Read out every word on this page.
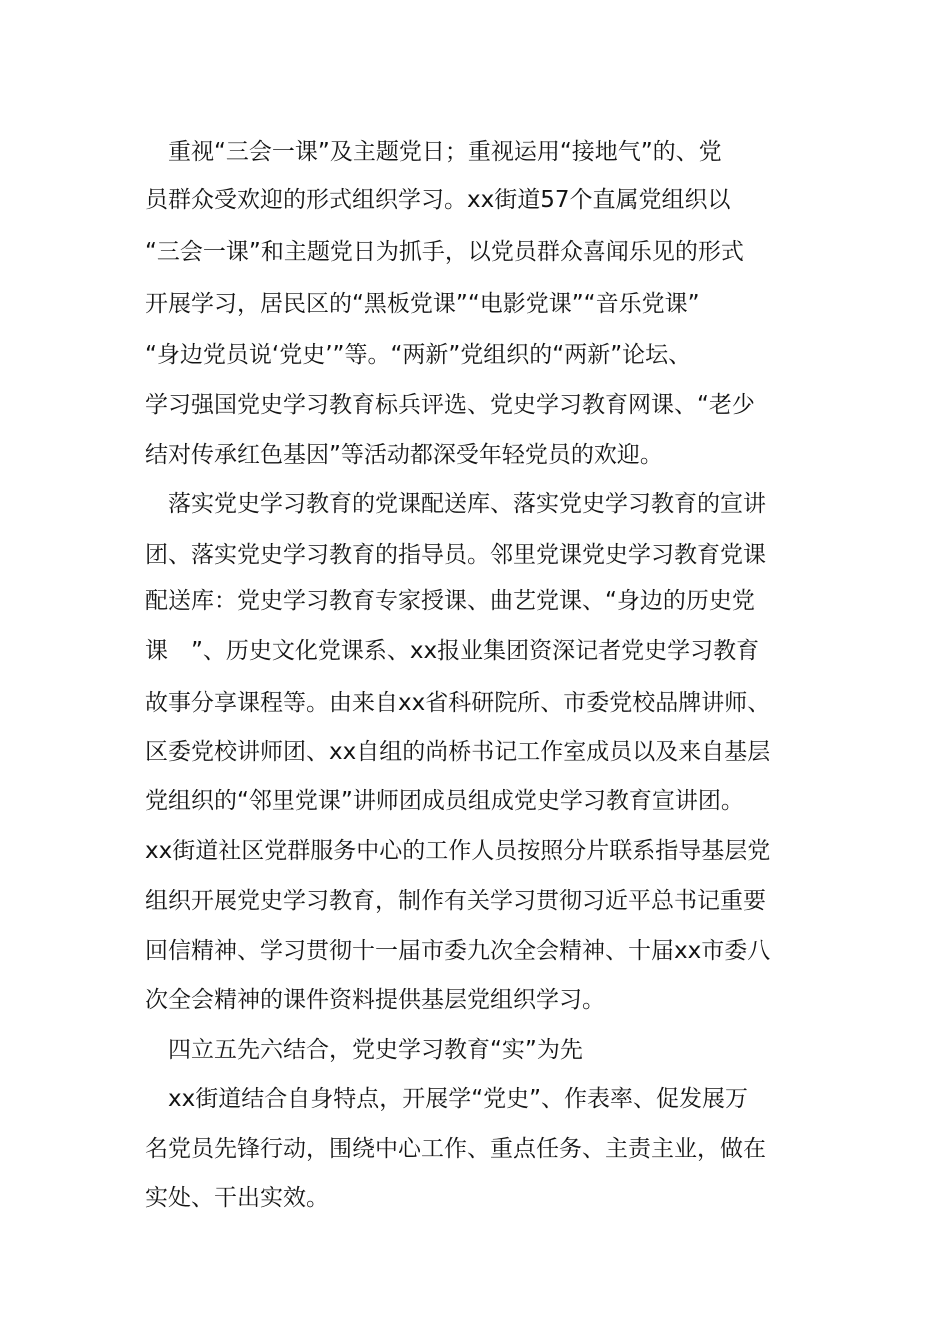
　重视“三会一课”及主题党日；重视运用“接地气”的、党
员群众受欢迎的形式组织学习。xx街道57个直属党组织以
“三会一课”和主题党日为抓手，以党员群众喜闻乐见的形式
开展学习，居民区的“黑板党课”“电影党课”“音乐党课”
“身边党员说‘党史’”等。“两新”党组织的“两新”论坛、
学习强国党史学习教育标兵评选、党史学习教育网课、“老少
结对传承红色基因”等活动都深受年轻党员的欢迎。
　落实党史学习教育的党课配送库、落实党史学习教育的宣讲
团、落实党史学习教育的指导员。邻里党课党史学习教育党课
配送库：党史学习教育专家授课、曲艺党课、“身边的历史党
课　”、历史文化党课系、xx报业集团资深记者党史学习教育
故事分享课程等。由来自xx省科研院所、市委党校品牌讲师、
区委党校讲师团、xx自组的尚桥书记工作室成员以及来自基层
党组织的“邻里党课”讲师团成员组成党史学习教育宣讲团。
xx街道社区党群服务中心的工作人员按照分片联系指导基层党
组织开展党史学习教育，制作有关学习贯彻习近平总书记重要
回信精神、学习贯彻十一届市委九次全会精神、十届xx市委八
次全会精神的课件资料提供基层党组织学习。
　四立五先六结合，党史学习教育“实”为先
　xx街道结合自身特点，开展学“党史”、作表率、促发展万
名党员先锋行动，围绕中心工作、重点任务、主责主业，做在
实处、干出实效。
